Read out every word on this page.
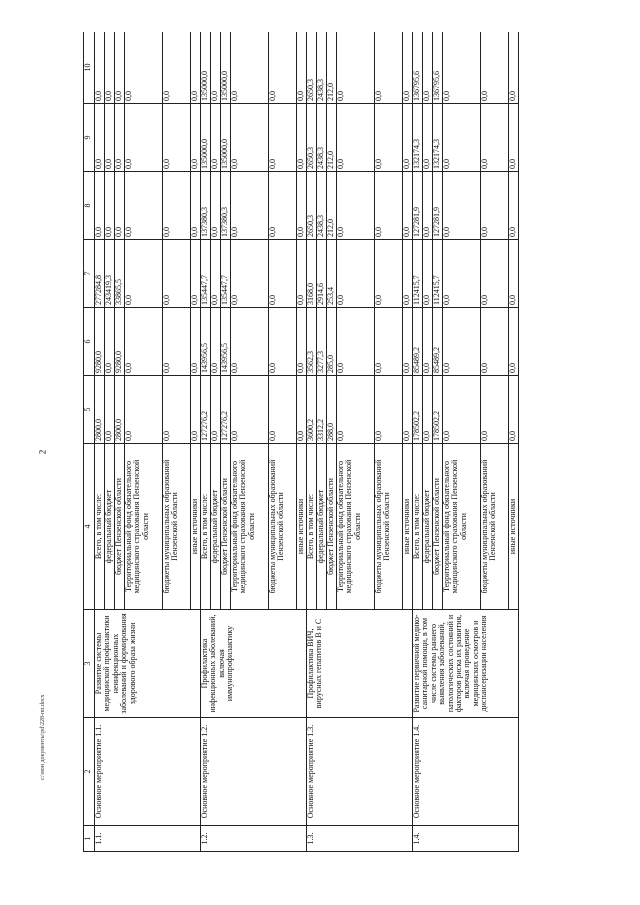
2
c:\мои документы\pd\228-пп.docx
1	2	3	4	5	6	7	8	9	10
1.1.	Основное мероприятие 1.1.	Развитие системы медицинской профилактики неинфекционных заболеваний и формирования здорового образа жизни	Всего, в том числе:	2800,0	9280,0	277284,8	0,0	0,0	0,0
			федеральный бюджет	0,0	0,0	243419,3	0,0	0,0	0,0
			бюджет Пензенской области	2800,0	9280,0	33865,5	0,0	0,0	0,0
			Территориальный фонд обязательного медицинского страхования Пензенской области	0,0	0,0	0,0	0,0	0,0	0,0
			бюджеты муниципальных образований Пензенской области	0,0	0,0	0,0	0,0	0,0	0,0
			иные источники	0,0	0,0	0,0	0,0	0,0	0,0
1.2.	Основное мероприятие 1.2.	Профилактика инфекционных заболеваний, включая иммунопрофилактику	Всего, в том числе:	127276,2	143956,5	135447,7	137380,3	135000,0	135000,0
			федеральный бюджет	0,0	0,0	0,0	0,0	0,0	0,0
			бюджет Пензенской области	127276,2	143956,5	135447,7	137380,3	135000,0	135000,0
			Территориальный фонд обязательного медицинского страхования Пензенской области	0,0	0,0	0,0	0,0	0,0	0,0
			бюджеты муниципальных образований Пензенской области	0,0	0,0	0,0	0,0	0,0	0,0
			иные источники	0,0	0,0	0,0	0,0	0,0	0,0
1.3.	Основное мероприятие 1.3.	Профилактика ВИЧ, вирусных гепатитов В и С	Всего, в том числе:	3600,2	3562,3	3168,0	2650,3	2650,3	2650,3
			федеральный бюджет	3312,2	3277,3	2914,6	2438,3	2438,3	2438,3
			бюджет Пензенской области	288,0	285,0	253,4	212,0	212,0	212,0
			Территориальный фонд обязательного медицинского страхования Пензенской области	0,0	0,0	0,0	0,0	0,0	0,0
			бюджеты муниципальных образований Пензенской области	0,0	0,0	0,0	0,0	0,0	0,0
			иные источники	0,0	0,0	0,0	0,0	0,0	0,0
1.4.	Основное мероприятие 1.4.	Развитие первичной медико-санитарной помощи, в том числе системы раннего выявления заболеваний, патологических состояний и факторов риска их развития, включая проведение медицинских осмотров и диспансеризации населения	Всего, в том числе:	178502,2	85489,2	112415,7	127281,9	132174,3	136795,6
			федеральный бюджет	0,0	0,0	0,0	0,0	0,0	0,0
			бюджет Пензенской области	178502,2	85489,2	112415,7	127281,9	132174,3	136795,6
			Территориальный фонд обязательного медицинского страхования Пензенской области	0,0	0,0	0,0	0,0	0,0	0,0
			бюджеты муниципальных образований Пензенской области	0,0	0,0	0,0	0,0	0,0	0,0
			иные источники	0,0	0,0	0,0	0,0	0,0	0,0
